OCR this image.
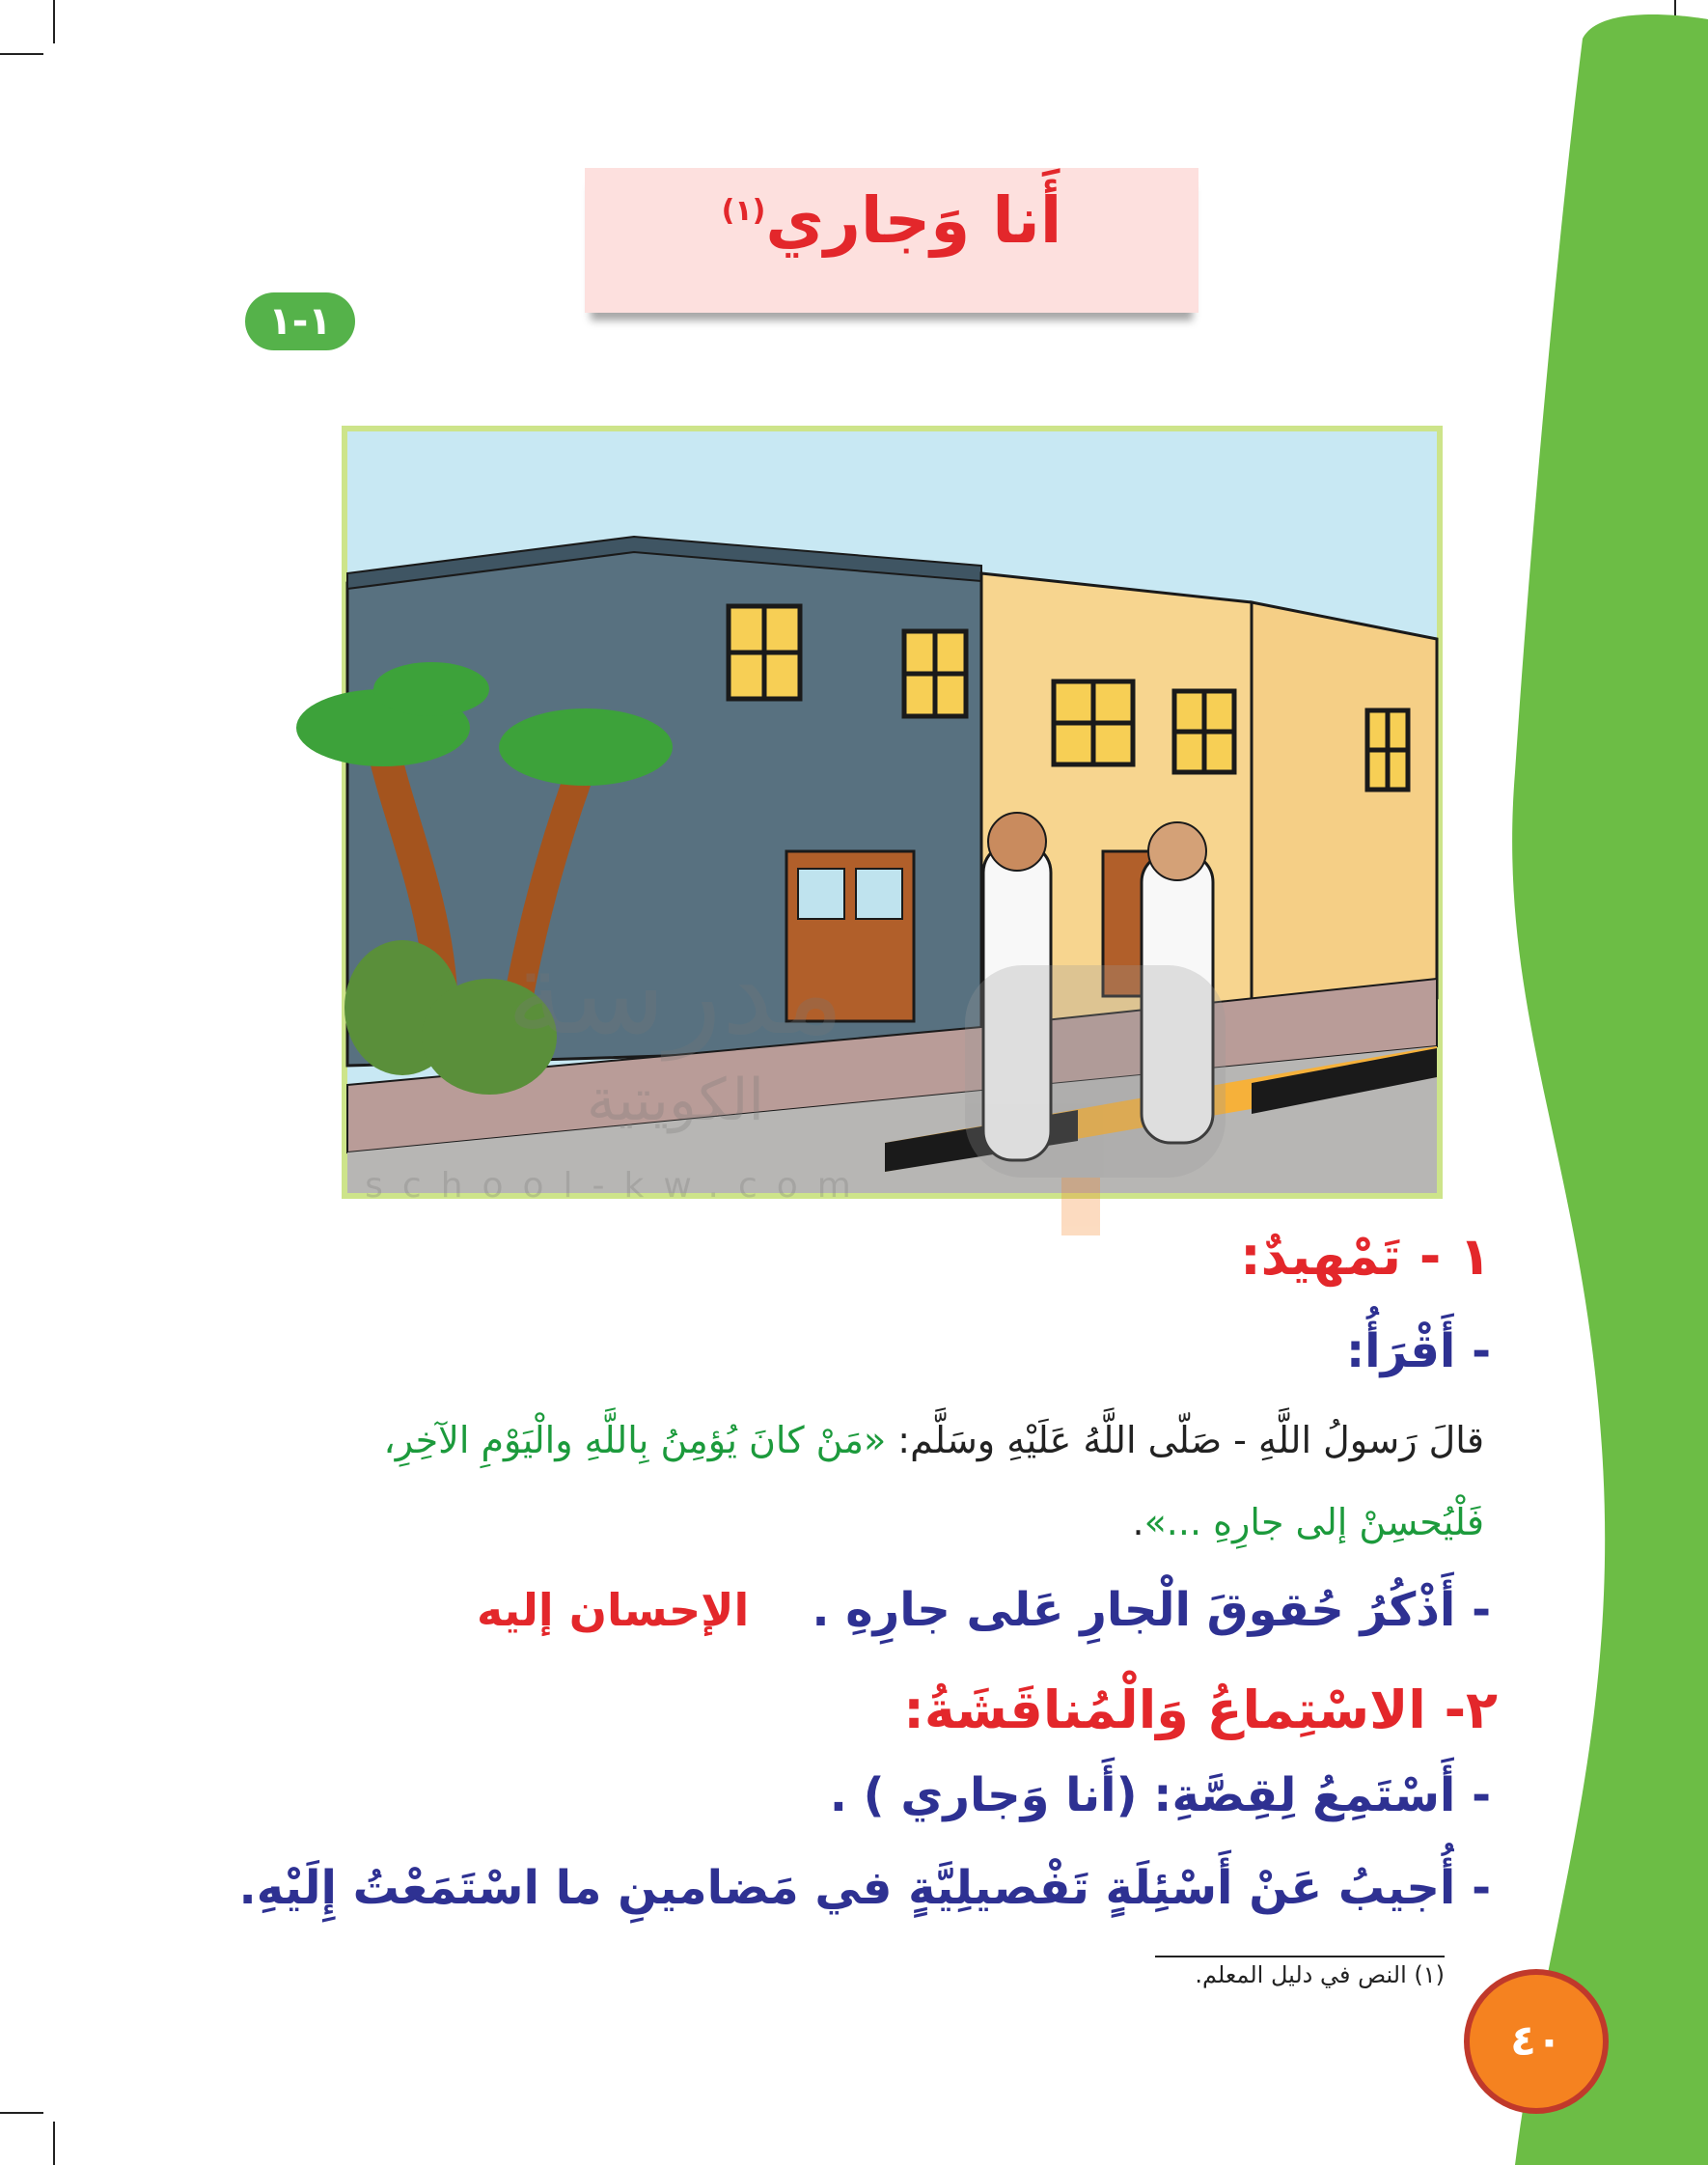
أَنا وَجاري$^{(١)}$
١-١
مدرسة
الكويتية
school-kw.com
١ - تَمْهيدٌ:
- أَقْرَأُ:
قالَ رَسولُ اللَّهِ - صَلّى اللَّهُ عَلَيْهِ وسَلَّم: «مَنْ كانَ يُؤمِنُ بِاللَّهِ والْيَوْمِ الآخِرِ،
فَلْيُحسِنْ إلى جارِهِ ...».
- أَذْكُرُ حُقوقَ الْجارِ عَلى جارِهِ . الإحسان إليه
٢- الاسْتِماعُ وَالْمُناقَشَةُ:
- أَسْتَمِعُ لِقِصَّةِ: (أَنا وَجاري ) .
- أُجيبُ عَنْ أَسْئِلَةٍ تَفْصيلِيَّةٍ في مَضامينِ ما اسْتَمَعْتُ إِلَيْهِ.
(١) النص في دليل المعلم.
٤٠
